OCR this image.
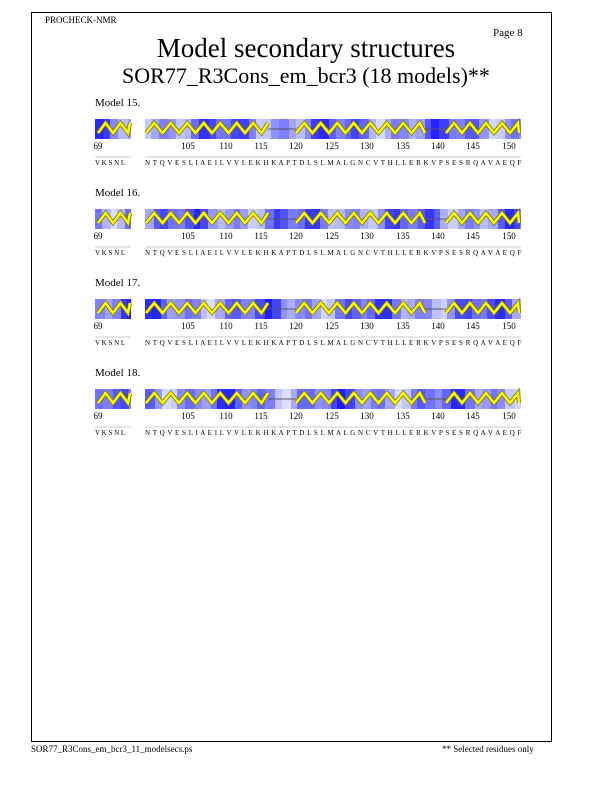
PROCHECK-NMR
Page 8
Model secondary structures
SOR77_R3Cons_em_bcr3 (18 models)**
Model 15.
69	105	110 115 120	125 130	135 140 145	150
V K S N L	N T Q V E S L I A E I L V V L E K H K A P T D L S L M A L G N C V T H L L E R K V P S E S R Q A V A E Q F
Model 16.
69	105	110 115 120	125 130	135 140 145	150
V K S N L	N T Q V E S L I A E I L V V L E K H K A P T D L S L M A L G N C V T H L L E R K V P S E S R Q A V A E Q F
Model 17.
69	105	110 115 120	125 130	135 140 145	150
V K S N L	N T Q V E S L I A E I L V V L E K H K A P T D L S L M A L G N C V T H L L E R K V P S E S R Q A V A E Q F
Model 18.
69	105	110 115 120	125 130	135 140 145	150
V K S N L	N T Q V E S L I A E I L V V L E K H K A P T D L S L M A L G N C V T H L L E R K V P S E S R Q A V A E Q F
SOR77_R3Cons_em_bcr3_11_modelsecs.ps	** Selected residues only
